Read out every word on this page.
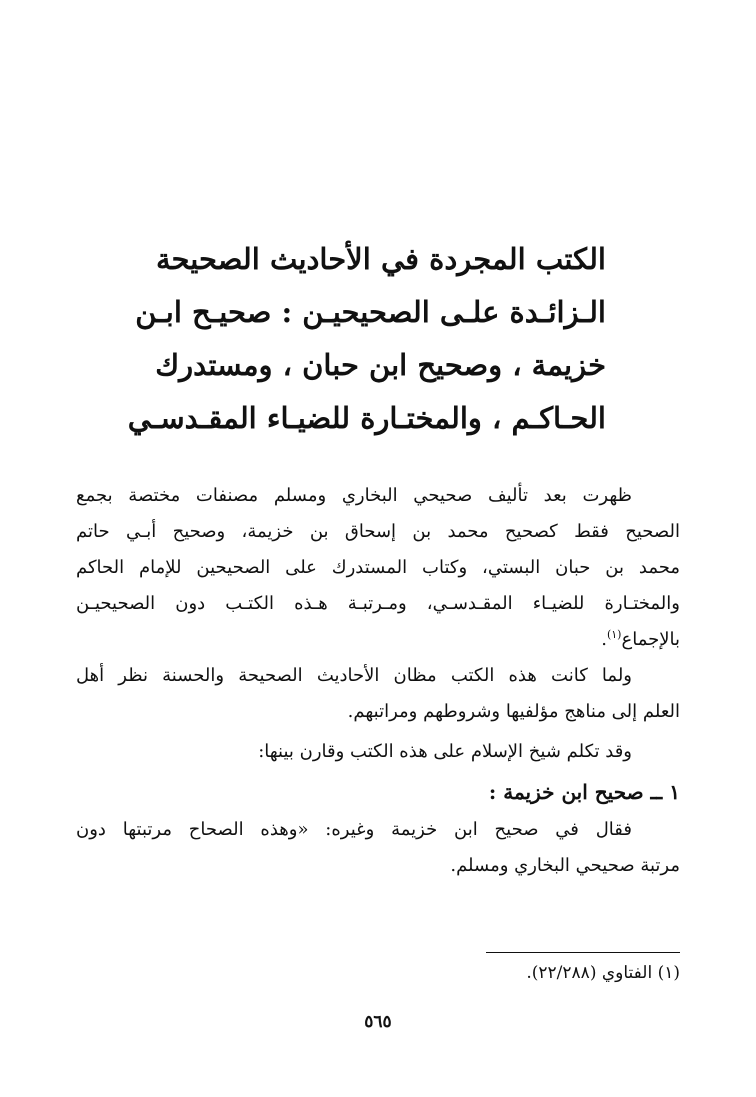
الكتب المجردة في الأحاديث الصحيحة
الـزائـدة علـى الصحيحيـن : صحيـح ابـن
خزيمة ، وصحيح ابن حبان ، ومستدرك
الحـاكـم ، والمختـارة للضيـاء المقـدسـي
ظهرت بعد تأليف صحيحي البخاري ومسلم مصنفات مختصة بجمع
الصحيح فقط كصحيح محمد بن إسحاق بن خزيمة، وصحيح أبـي حاتم
محمد بن حبان البستي، وكتاب المستدرك على الصحيحين للإمام الحاكم
والمختـارة للضيـاء المقـدسـي، ومـرتبـة هـذه الكتـب دون الصحيحيـن
بالإجماع$^{(١)}$.
ولما كانت هذه الكتب مظان الأحاديث الصحيحة والحسنة نظر أهل
العلم إلى مناهج مؤلفيها وشروطهم ومراتبهم.
وقد تكلم شيخ الإسلام على هذه الكتب وقارن بينها:
١ ــ صحيح ابن خزيمة :
فقال في صحيح ابن خزيمة وغيره: «وهذه الصحاح مرتبتها دون
مرتبة صحيحي البخاري ومسلم.
(١) الفتاوي (٢٢/٢٨٨).
٥٦٥
